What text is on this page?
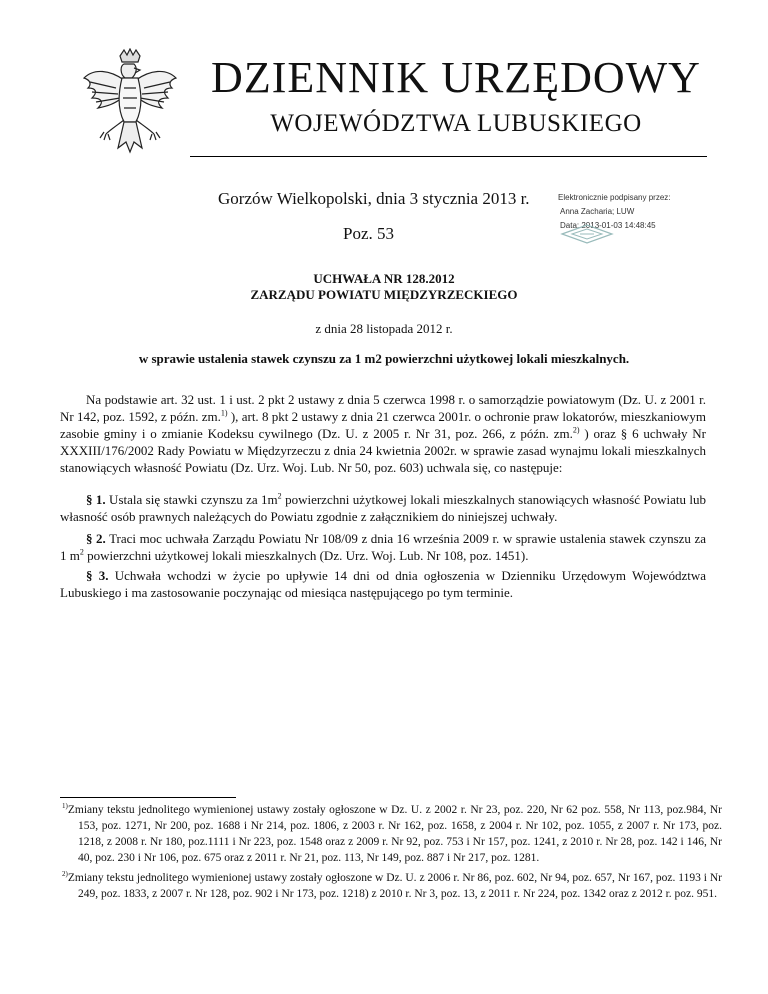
DZIENNIK URZĘDOWY
WOJEWÓDZTWA LUBUSKIEGO
Gorzów Wielkopolski, dnia 3 stycznia 2013 r.
Poz. 53
Elektronicznie podpisany przez:
Anna Zacharia; LUW
Data: 2013-01-03 14:48:45
UCHWAŁA NR 128.2012
ZARZĄDU POWIATU MIĘDZYRZECKIEGO
z dnia 28 listopada 2012 r.
w sprawie ustalenia stawek czynszu za 1 m2 powierzchni użytkowej lokali mieszkalnych.
Na podstawie art. 32 ust. 1 i ust. 2 pkt 2 ustawy z dnia 5 czerwca 1998 r. o samorządzie powiatowym (Dz. U. z 2001 r. Nr 142, poz. 1592, z późn. zm.$^{1)}$ ), art. 8 pkt 2 ustawy z dnia 21 czerwca 2001r. o ochronie praw lokatorów, mieszkaniowym zasobie gminy i o zmianie Kodeksu cywilnego (Dz. U. z 2005 r. Nr 31, poz. 266, z późn. zm.$^{2)}$ ) oraz § 6 uchwały Nr XXXIII/176/2002 Rady Powiatu w Międzyrzeczu z dnia 24 kwietnia 2002r. w sprawie zasad wynajmu lokali mieszkalnych stanowiących własność Powiatu (Dz. Urz. Woj. Lub. Nr 50, poz. 603) uchwala się, co następuje:
§ 1. Ustala się stawki czynszu za $1m^2$ powierzchni użytkowej lokali mieszkalnych stanowiących własność Powiatu lub własność osób prawnych należących do Powiatu zgodnie z załącznikiem do niniejszej uchwały.
§ 2. Traci moc uchwała Zarządu Powiatu Nr 108/09 z dnia 16 września 2009 r. w sprawie ustalenia stawek czynszu za 1 $m^2$ powierzchni użytkowej lokali mieszkalnych (Dz. Urz. Woj. Lub. Nr 108, poz. 1451).
§ 3. Uchwała wchodzi w życie po upływie 14 dni od dnia ogłoszenia w Dzienniku Urzędowym Województwa Lubuskiego i ma zastosowanie poczynając od miesiąca następującego po tym terminie.
$^{1)}$Zmiany tekstu jednolitego wymienionej ustawy zostały ogłoszone w Dz. U. z 2002 r. Nr 23, poz. 220, Nr 62 poz. 558, Nr 113, poz.984, Nr 153, poz. 1271, Nr 200, poz. 1688 i Nr 214, poz. 1806, z 2003 r. Nr 162, poz. 1658, z 2004 r. Nr 102, poz. 1055, z 2007 r. Nr 173, poz. 1218, z 2008 r. Nr 180, poz.1111 i Nr 223, poz. 1548 oraz z 2009 r. Nr 92, poz. 753 i Nr 157, poz. 1241, z 2010 r. Nr 28, poz. 142 i 146, Nr 40, poz. 230 i Nr 106, poz. 675 oraz z 2011 r. Nr 21, poz. 113, Nr 149, poz. 887 i Nr 217, poz. 1281.
$^{2)}$Zmiany tekstu jednolitego wymienionej ustawy zostały ogłoszone w Dz. U. z 2006 r. Nr 86, poz. 602, Nr 94, poz. 657, Nr 167, poz. 1193 i Nr 249, poz. 1833, z 2007 r. Nr 128, poz. 902 i Nr 173, poz. 1218) z 2010 r. Nr 3, poz. 13, z 2011 r. Nr 224, poz. 1342 oraz z 2012 r. poz. 951.
